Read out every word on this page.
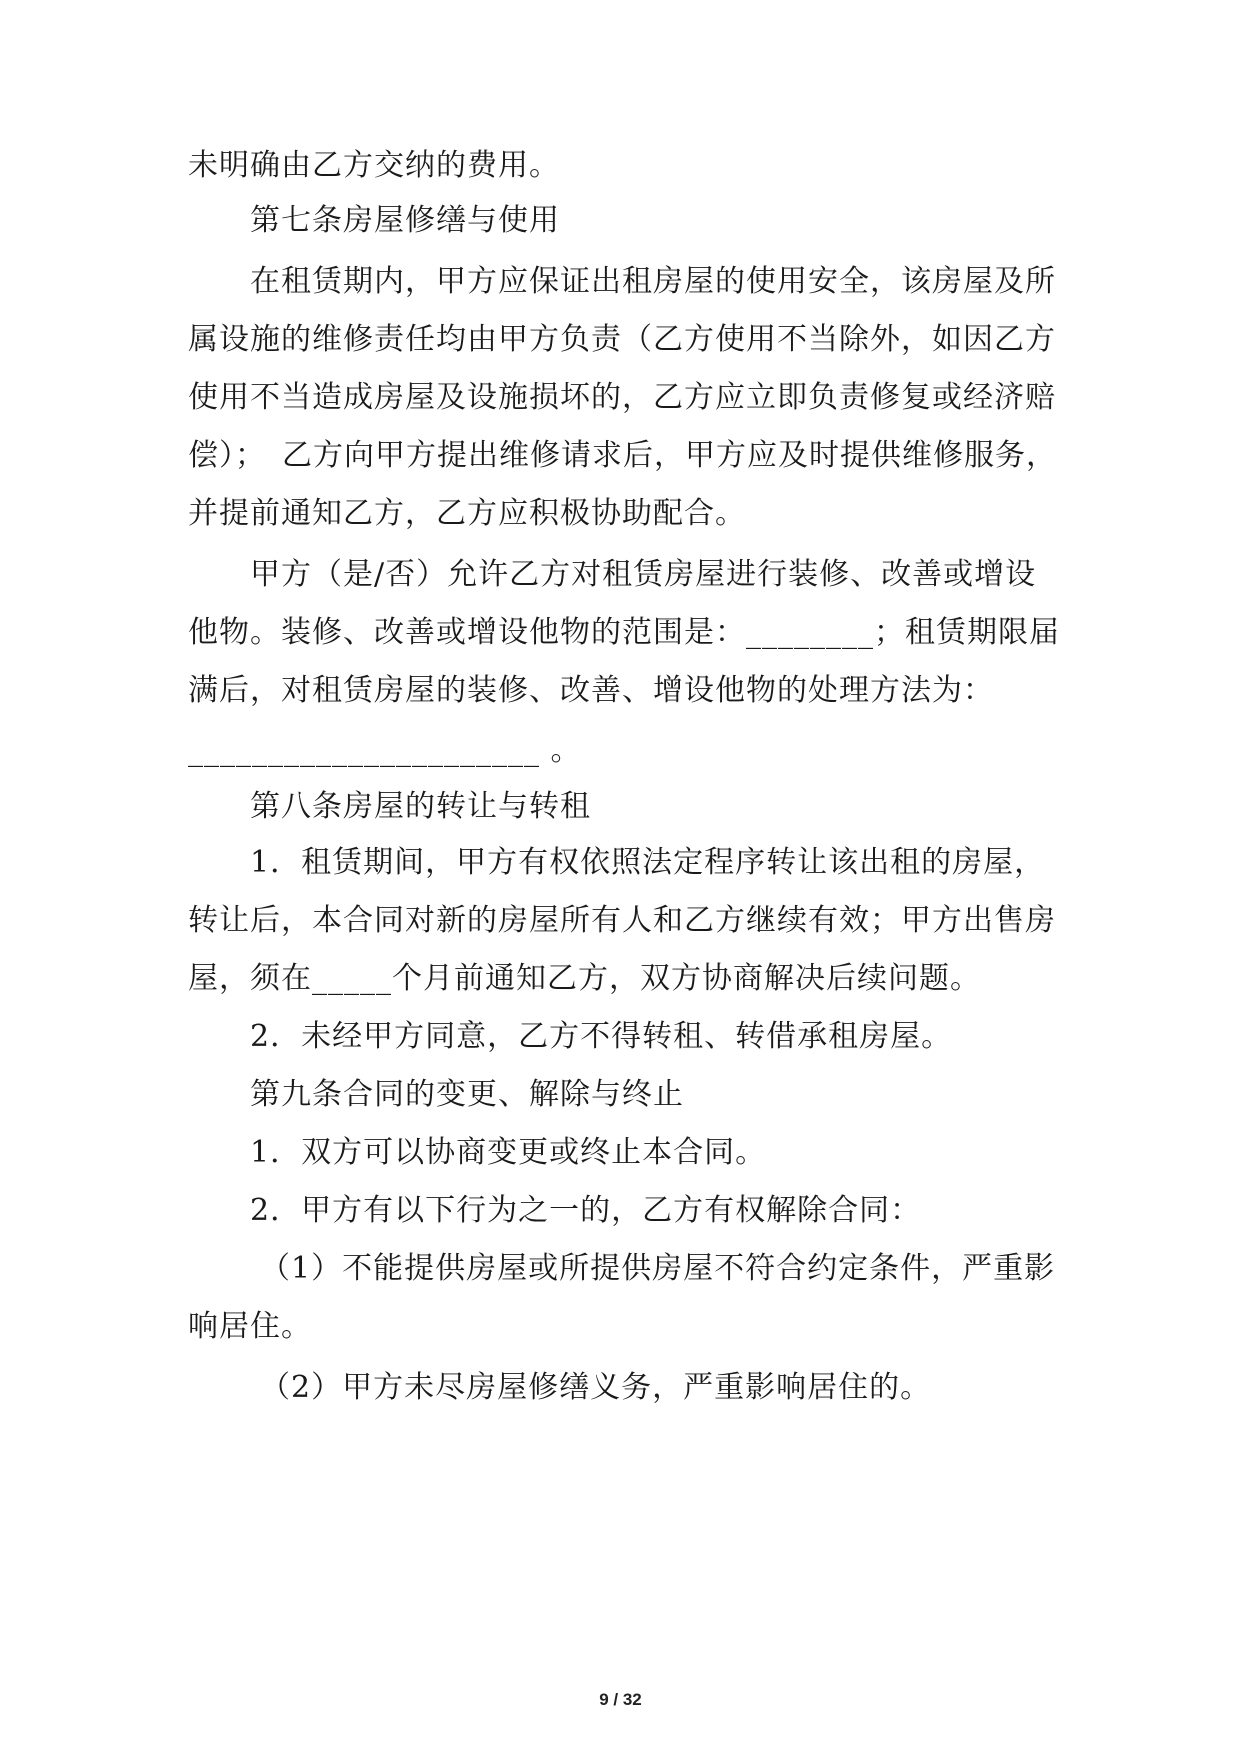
未明确由乙方交纳的费用。
第七条房屋修缮与使用
在租赁期内，甲方应保证出租房屋的使用安全，该房屋及所
属设施的维修责任均由甲方负责（乙方使用不当除外，如因乙方
使用不当造成房屋及设施损坏的，乙方应立即负责修复或经济赔
偿）；　乙方向甲方提出维修请求后，甲方应及时提供维修服务，
并提前通知乙方，乙方应积极协助配合。
甲方（是/否）允许乙方对租赁房屋进行装修、改善或增设
他物。装修、改善或增设他物的范围是：________；租赁期限届
满后，对租赁房屋的装修、改善、增设他物的处理方法为：
______________________ 。
第八条房屋的转让与转租
1．租赁期间，甲方有权依照法定程序转让该出租的房屋，
转让后，本合同对新的房屋所有人和乙方继续有效；甲方出售房
屋，须在_____个月前通知乙方，双方协商解决后续问题。
2．未经甲方同意，乙方不得转租、转借承租房屋。
第九条合同的变更、解除与终止
1．双方可以协商变更或终止本合同。
2．甲方有以下行为之一的，乙方有权解除合同：
（1）不能提供房屋或所提供房屋不符合约定条件，严重影
响居住。
（2）甲方未尽房屋修缮义务，严重影响居住的。
9 / 32
